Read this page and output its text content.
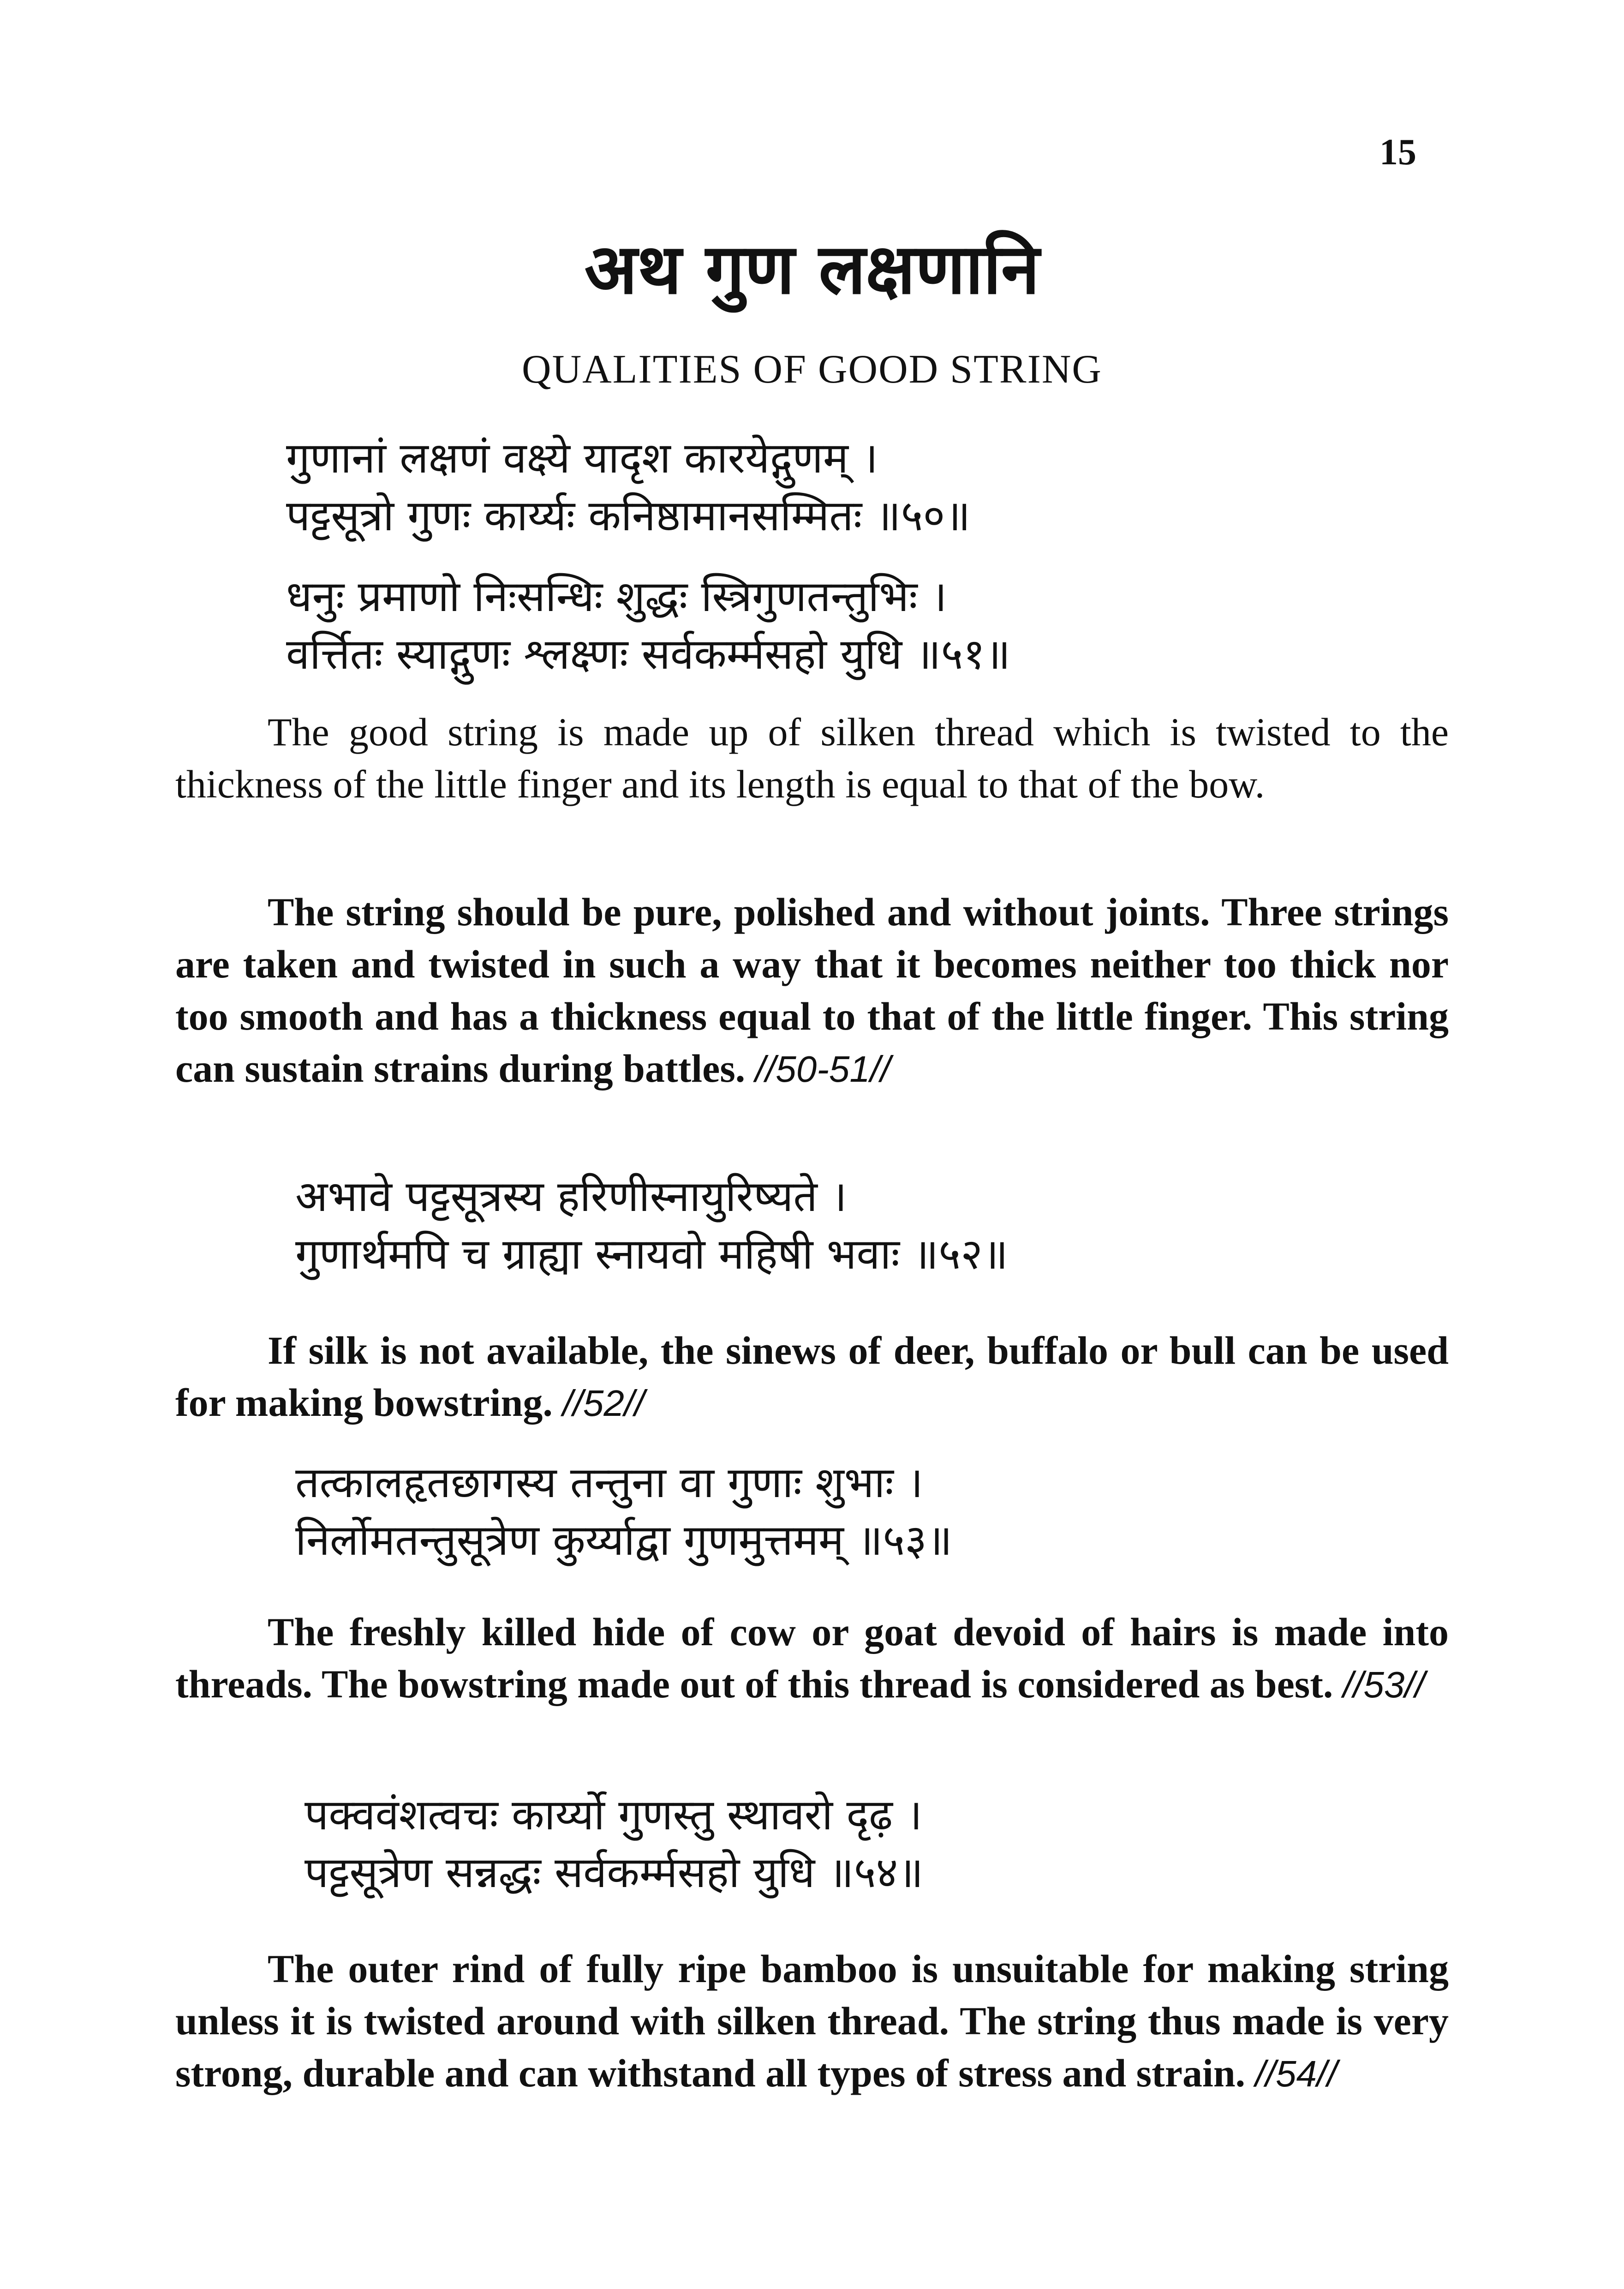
15
अथ गुण लक्षणानि
QUALITIES OF GOOD STRING
गुणानां लक्षणं वक्ष्ये यादृश कारयेद्गुणम् ।
पट्टसूत्रो गुणः कार्य्यः कनिष्ठामानसम्मितः ॥५०॥
धनुः प्रमाणो निःसन्धिः शुद्धः स्त्रिगुणतन्तुभिः ।
वर्त्तितः स्याद्गुणः श्लक्ष्णः सर्वकर्म्मसहो युधि ॥५१॥
The good string is made up of silken thread which is twisted to the thickness of the little finger and its length is equal to that of the bow.
The string should be pure, polished and without joints. Three strings are taken and twisted in such a way that it becomes neither too thick nor too smooth and has a thickness equal to that of the little finger. This string can sustain strains during battles. //50-51//
अभावे पट्टसूत्रस्य हरिणीस्नायुरिष्यते ।
गुणार्थमपि च ग्राह्या स्नायवो महिषी भवाः ॥५२॥
If silk is not available, the sinews of deer, buffalo or bull can be used for making bowstring. //52//
तत्कालहृतछागस्य तन्तुना वा गुणाः शुभाः ।
निर्लोमतन्तुसूत्रेण कुर्य्याद्वा गुणमुत्तमम् ॥५३॥
The freshly killed hide of cow or goat devoid of hairs is made into threads. The bowstring made out of this thread is considered as best. //53//
पक्ववंशत्वचः कार्य्यो गुणस्तु स्थावरो दृढ़ ।
पट्टसूत्रेण सन्नद्धः सर्वकर्म्मसहो युधि ॥५४॥
The outer rind of fully ripe bamboo is unsuitable for making string unless it is twisted around with silken thread. The string thus made is very strong, durable and can withstand all types of stress and strain. //54//
